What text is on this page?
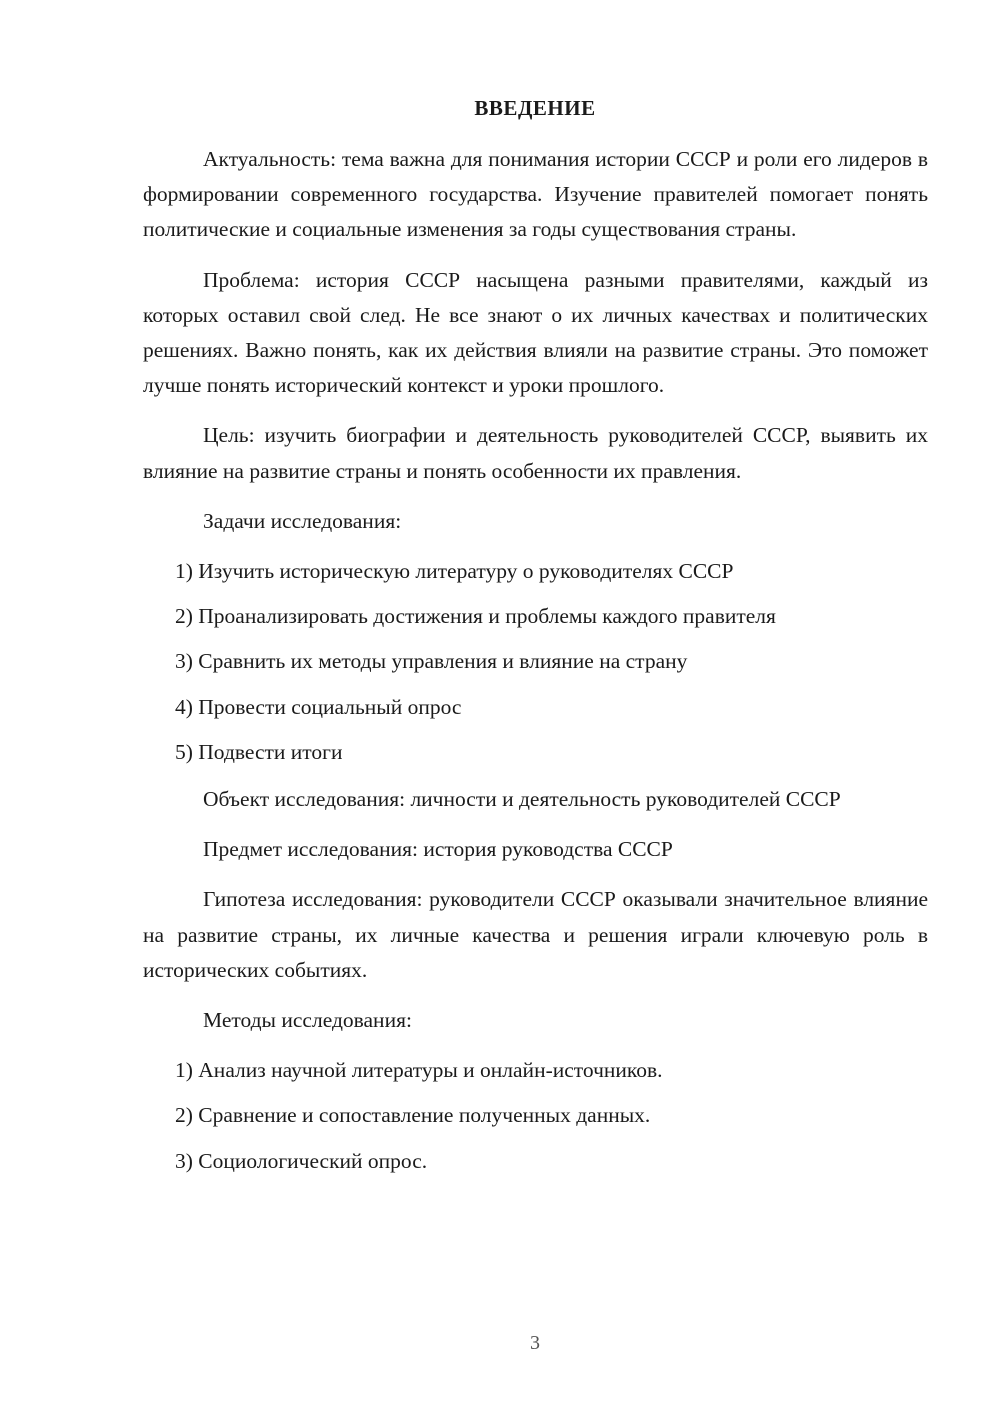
ВВЕДЕНИЕ

Актуальность: тема важна для понимания истории СССР и роли его лидеров в формировании современного государства. Изучение правителей помогает понять политические и социальные изменения за годы существования страны.

Проблема: история СССР насыщена разными правителями, каждый из которых оставил свой след. Не все знают о их личных качествах и политических решениях. Важно понять, как их действия влияли на развитие страны. Это поможет лучше понять исторический контекст и уроки прошлого.

Цель: изучить биографии и деятельность руководителей СССР, выявить их влияние на развитие страны и понять особенности их правления.

Задачи исследования:

1) Изучить историческую литературу о руководителях СССР
2) Проанализировать достижения и проблемы каждого правителя
3) Сравнить их методы управления и влияние на страну
4) Провести социальный опрос
5) Подвести итоги

Объект исследования: личности и деятельность руководителей СССР

Предмет исследования: история руководства СССР

Гипотеза исследования: руководители СССР оказывали значительное влияние на развитие страны, их личные качества и решения играли ключевую роль в исторических событиях.

Методы исследования:

1) Анализ научной литературы и онлайн-источников.
2) Сравнение и сопоставление полученных данных.
3) Социологический опрос.
3
